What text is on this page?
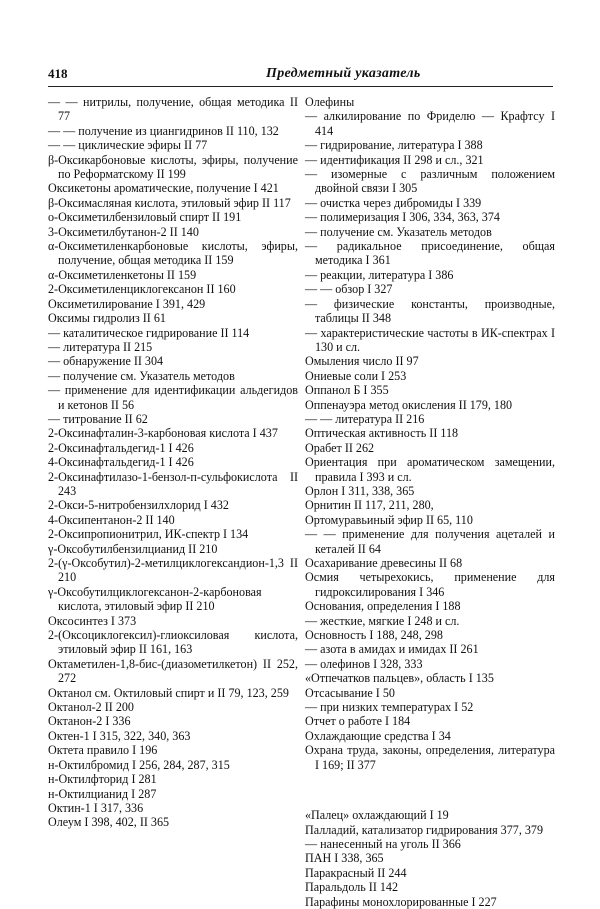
418	Предметный указатель
— — нитрилы, получение, общая методика II 77
— — получение из циангидринов II 110, 132
— — циклические эфиры II 77
β-Оксикарбоновые кислоты, эфиры, получение по Реформатскому II 199
Оксикетоны ароматические, получение I 421
β-Оксимасляная кислота, этиловый эфир II 117
о-Оксиметилбензиловый спирт II 191
3-Оксиметилбутанон-2 II 140
α-Оксиметиленкарбоновые кислоты, эфиры, получение, общая методика II 159
α-Оксиметиленкетоны II 159
2-Оксиметиленциклогексанон II 160
Оксиметилирование I 391, 429
Оксимы гидролиз II 61
— каталитическое гидрирование II 114
— литература II 215
— обнаружение II 304
— получение см. Указатель методов
— применение для идентификации альдегидов и кетонов II 56
— титрование II 62
2-Оксинафталин-3-карбоновая кислота I 437
2-Оксинафтальдегид-1 I 426
4-Оксинафтальдегид-1 I 426
2-Оксинафтилазо-1-бензол-п-сульфокислота II 243
2-Окси-5-нитробензилхлорид I 432
4-Оксипентанон-2 II 140
2-Оксипропионитрил, ИК-спектр I 134
γ-Оксобутилбензилцианид II 210
2-(γ-Оксобутил)-2-метилциклогександион-1,3 II 210
γ-Оксобутилциклогексанон-2-карбоновая кислота, этиловый эфир II 210
Оксосинтез I 373
2-(Оксоциклогексил)-глиоксиловая кислота, этиловый эфир II 161, 163
Октаметилен-1,8-бис-(диазометилкетон) II 252, 272
Октанол см. Октиловый спирт и II 79, 123, 259
Октанол-2 II 200
Октанон-2 I 336
Октен-1 I 315, 322, 340, 363
Октета правило I 196
н-Октилбромид I 256, 284, 287, 315
н-Октилфторид I 281
н-Октилцианид I 287
Октин-1 I 317, 336
Олеум I 398, 402, II 365
Олефины
— алкилирование по Фриделю — Крафтсу I 414
— гидрирование, литература I 388
— идентификация II 298 и сл., 321
— изомерные с различным положением двойной связи I 305
— очистка через дибромиды I 339
— полимеризация I 306, 334, 363, 374
— получение см. Указатель методов
— радикальное присоединение, общая методика I 361
— реакции, литература I 386
— — обзор I 327
— физические константы, производные, таблицы II 348
— характеристические частоты в ИК-спектрах I 130 и сл.
Омыления число II 97
Ониевые соли I 253
Оппанол Б I 355
Оппенауэра метод окисления II 179, 180
— — литература II 216
Оптическая активность II 118
Орабет II 262
Ориентация при ароматическом замещении, правила I 393 и сл.
Орлон I 311, 338, 365
Орнитин II 117, 211, 280,
Ортомуравьиный эфир II 65, 110
— — применение для получения ацеталей и кеталей II 64
Осахаривание древесины II 68
Осмия четырехокись, применение для гидроксилирования I 346
Основания, определения I 188
— жесткие, мягкие I 248 и сл.
Основность I 188, 248, 298
— азота в амидах и имидах II 261
— олефинов I 328, 333
«Отпечатков пальцев», область I 135
Отсасывание I 50
— при низких температурах I 52
Отчет о работе I 184
Охлаждающие средства I 34
Охрана труда, законы, определения, литература I 169; II 377
«Палец» охлаждающий I 19
Палладий, катализатор гидрирования 377, 379
— нанесенный на уголь II 366
ПАН I 338, 365
Паракрасный II 244
Паральдоль II 142
Парафины монохлорированные I 227
